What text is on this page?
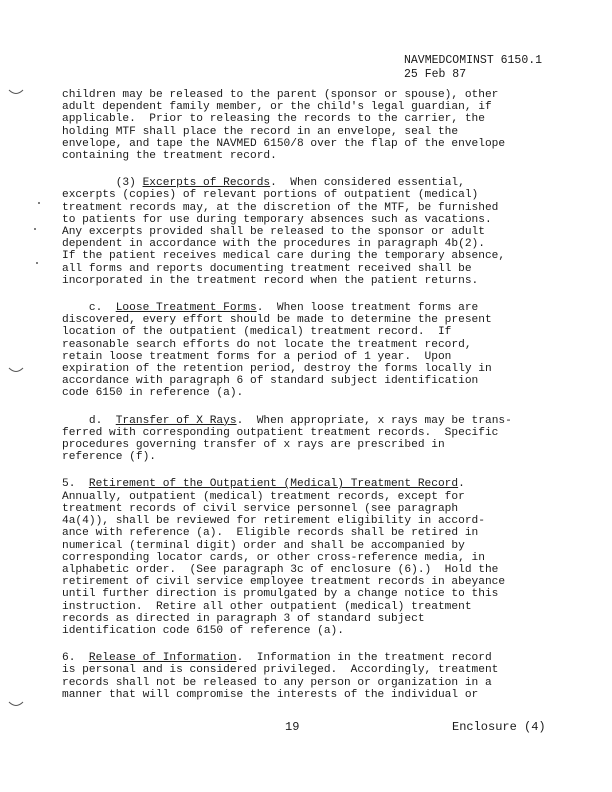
NAVMEDCOMINST 6150.1
25 Feb 87
children may be released to the parent (sponsor or spouse), other
adult dependent family member, or the child's legal guardian, if
applicable.  Prior to releasing the records to the carrier, the
holding MTF shall place the record in an envelope, seal the
envelope, and tape the NAVMED 6150/8 over the flap of the envelope
containing the treatment record.
(3) Excerpts of Records.  When considered essential,
excerpts (copies) of relevant portions of outpatient (medical)
treatment records may, at the discretion of the MTF, be furnished
to patients for use during temporary absences such as vacations.
Any excerpts provided shall be released to the sponsor or adult
dependent in accordance with the procedures in paragraph 4b(2).
If the patient receives medical care during the temporary absence,
all forms and reports documenting treatment received shall be
incorporated in the treatment record when the patient returns.
c.  Loose Treatment Forms.  When loose treatment forms are
discovered, every effort should be made to determine the present
location of the outpatient (medical) treatment record.  If
reasonable search efforts do not locate the treatment record,
retain loose treatment forms for a period of 1 year.  Upon
expiration of the retention period, destroy the forms locally in
accordance with paragraph 6 of standard subject identification
code 6150 in reference (a).
d.  Transfer of X Rays.  When appropriate, x rays may be trans-
ferred with corresponding outpatient treatment records.  Specific
procedures governing transfer of x rays are prescribed in
reference (f).
5.  Retirement of the Outpatient (Medical) Treatment Record.
Annually, outpatient (medical) treatment records, except for
treatment records of civil service personnel (see paragraph
4a(4)), shall be reviewed for retirement eligibility in accord-
ance with reference (a).  Eligible records shall be retired in
numerical (terminal digit) order and shall be accompanied by
corresponding locator cards, or other cross-reference media, in
alphabetic order.  (See paragraph 3c of enclosure (6).)  Hold the
retirement of civil service employee treatment records in abeyance
until further direction is promulgated by a change notice to this
instruction.  Retire all other outpatient (medical) treatment
records as directed in paragraph 3 of standard subject
identification code 6150 of reference (a).
6.  Release of Information.  Information in the treatment record
is personal and is considered privileged.  Accordingly, treatment
records shall not be released to any person or organization in a
manner that will compromise the interests of the individual or
19	Enclosure (4)
